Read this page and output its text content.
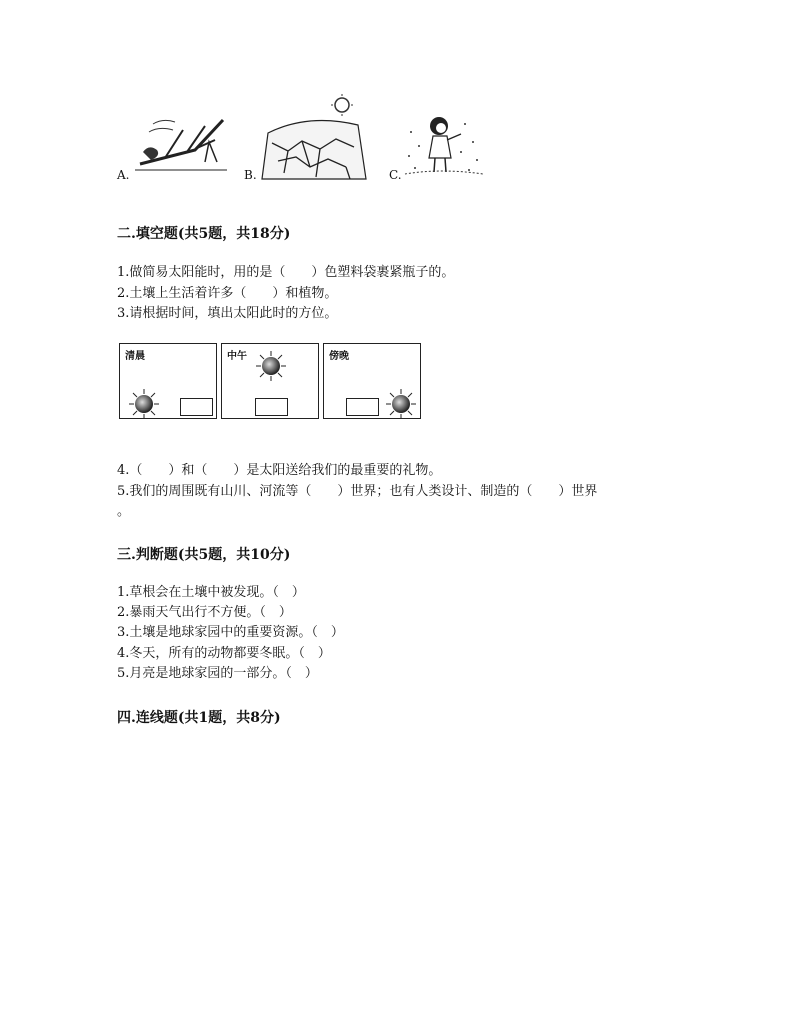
A.	B.	C.
二.填空题(共5题，共18分)
1.做简易太阳能时，用的是（　　）色塑料袋裹紧瓶子的。
2.土壤上生活着许多（　　）和植物。
3.请根据时间，填出太阳此时的方位。
清晨	中午	傍晚
4.（　　）和（　　）是太阳送给我们的最重要的礼物。
5.我们的周围既有山川、河流等（　　）世界；也有人类设计、制造的（　　）世界
。
三.判断题(共5题，共10分)
1.草根会在土壤中被发现。（　）
2.暴雨天气出行不方便。（　）
3.土壤是地球家园中的重要资源。（　）
4.冬天，所有的动物都要冬眠。（　）
5.月亮是地球家园的一部分。（　）
四.连线题(共1题，共8分)
